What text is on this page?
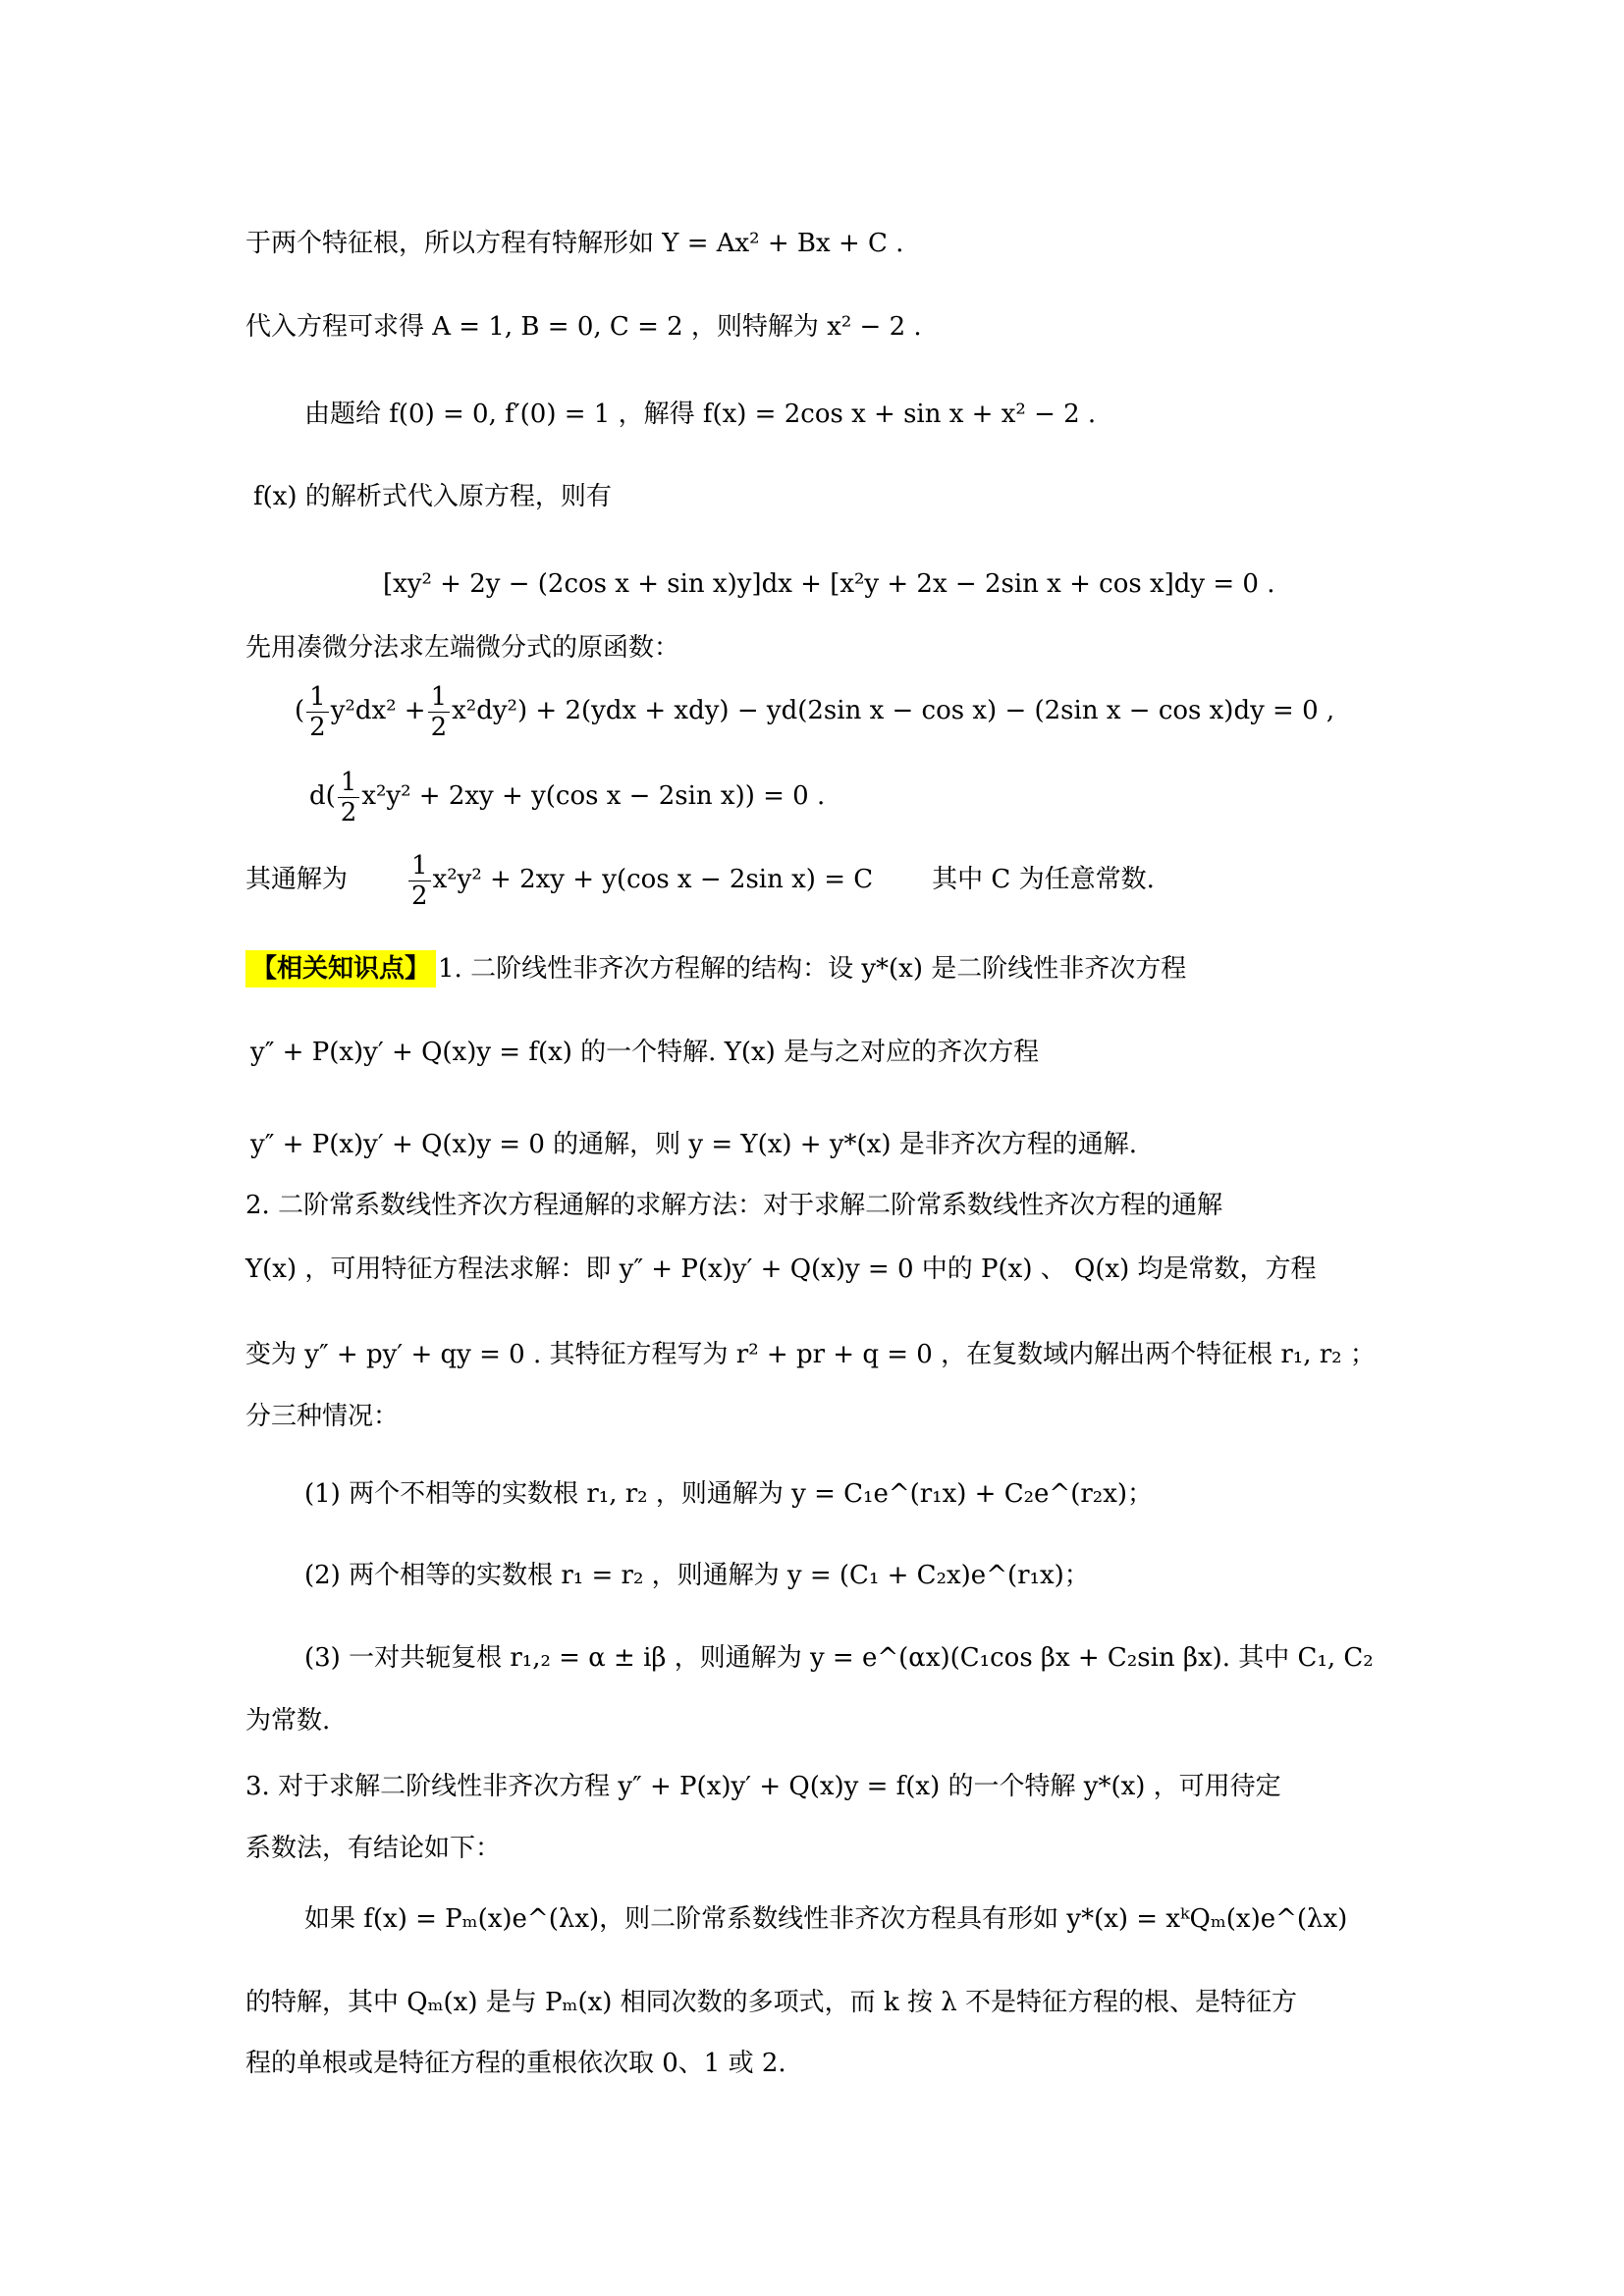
于两个特征根，所以方程有特解形如 Y = Ax² + Bx + C .
代入方程可求得 A = 1, B = 0, C = 2 ，则特解为 x² − 2 .
由题给 f(0) = 0, f′(0) = 1 ，解得 f(x) = 2cos x + sin x + x² − 2 .
f(x) 的解析式代入原方程，则有
[xy² + 2y − (2cos x + sin x)y]dx + [x²y + 2x − 2sin x + cos x]dy = 0 .
先用凑微分法求左端微分式的原函数：
( $\frac{1}{2} y^2dx^2 + \frac{1}{2} x^2dy^2) + 2(ydx + xdy) - yd(2\sin$ x − cos x) − (2sin x − cos x)dy = 0 ,
$d( \frac{1}{2} x^2y^2 + 2xy + y(\cos$ x − 2sin x)) = 0 .
其通解为 $\frac{1}{2} x^2y^2 + 2xy + y(\cos$ x − 2sin x) = C 其中 C 为任意常数.
【相关知识点】 1. 二阶线性非齐次方程解的结构：设 y*(x) 是二阶线性非齐次方程
y″ + P(x)y′ + Q(x)y = f(x) 的一个特解. Y(x) 是与之对应的齐次方程
y″ + P(x)y′ + Q(x)y = 0 的通解，则 y = Y(x) + y*(x) 是非齐次方程的通解.
2. 二阶常系数线性齐次方程通解的求解方法：对于求解二阶常系数线性齐次方程的通解
Y(x) ，可用特征方程法求解：即 y″ + P(x)y′ + Q(x)y = 0 中的 P(x) 、 Q(x) 均是常数，方程
变为 y″ + py′ + qy = 0 . 其特征方程写为 r² + pr + q = 0 ，在复数域内解出两个特征根 r₁, r₂ ；
分三种情况：
(1) 两个不相等的实数根 r₁, r₂ ，则通解为 y = C₁e^(r₁x) + C₂e^(r₂x)；
(2) 两个相等的实数根 r₁ = r₂ ，则通解为 y = (C₁ + C₂x)e^(r₁x)；
(3) 一对共轭复根 r₁,₂ = α ± iβ ，则通解为 y = e^(αx)(C₁cos βx + C₂sin βx). 其中 C₁, C₂
为常数.
3. 对于求解二阶线性非齐次方程 y″ + P(x)y′ + Q(x)y = f(x) 的一个特解 y*(x) ，可用待定
系数法，有结论如下：
如果 f(x) = Pₘ(x)e^(λx)，则二阶常系数线性非齐次方程具有形如 y*(x) = xᵏQₘ(x)e^(λx)
的特解，其中 Qₘ(x) 是与 Pₘ(x) 相同次数的多项式，而 k 按 λ 不是特征方程的根、是特征方
程的单根或是特征方程的重根依次取 0、1 或 2.
